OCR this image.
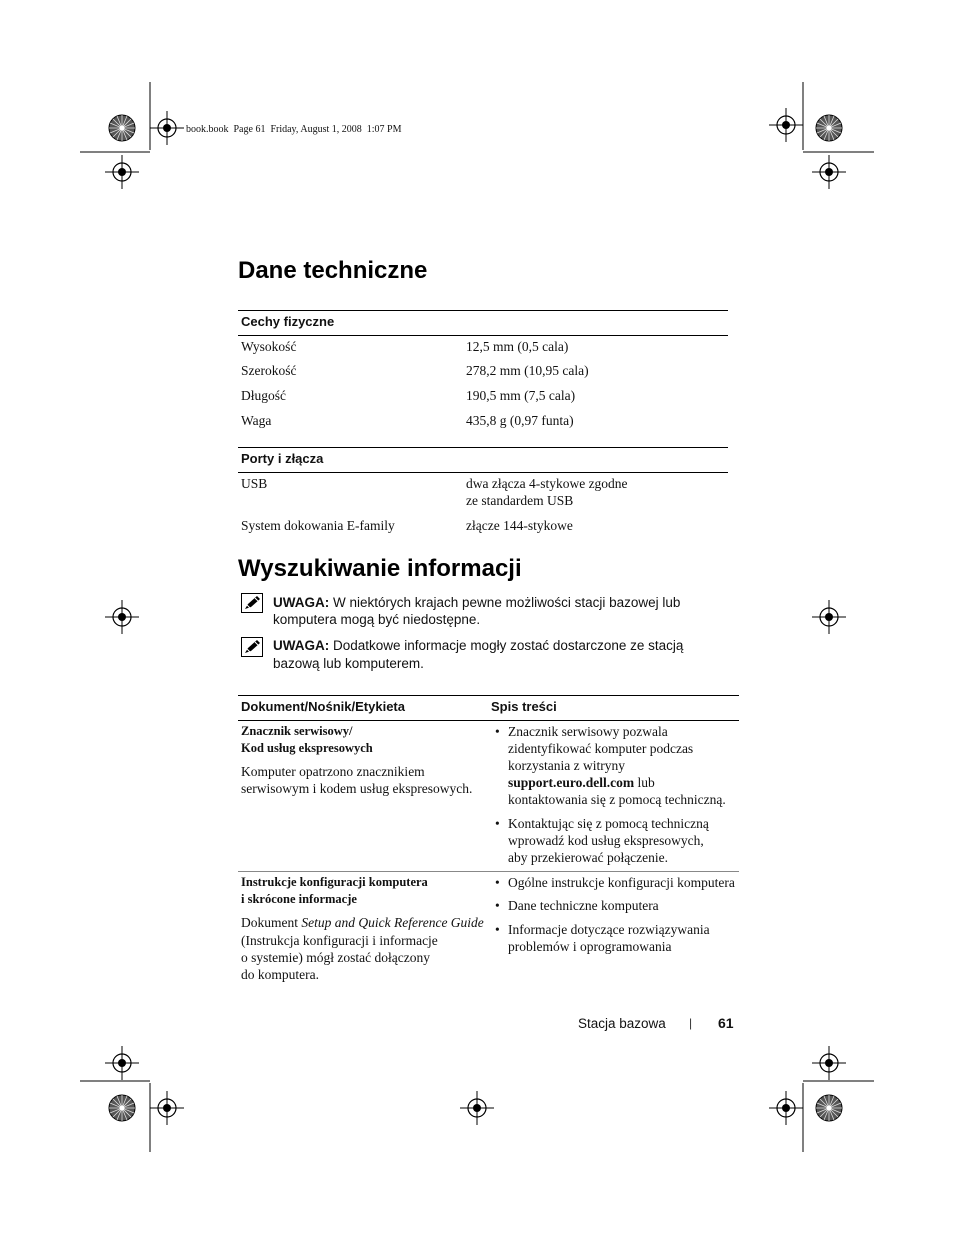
book.book  Page 61  Friday, August 1, 2008  1:07 PM
Dane techniczne
Cechy fizyczne
Wysokość	12,5 mm (0,5 cala)
Szerokość	278,2 mm (10,95 cala)
Długość	190,5 mm (7,5 cala)
Waga	435,8 g (0,97 funta)
Porty i złącza
USB	dwa złącza 4-stykowe zgodne
ze standardem USB
System dokowania E-family	złącze 144-stykowe
Wyszukiwanie informacji
UWAGA: W niektórych krajach pewne możliwości stacji bazowej lub
komputera mogą być niedostępne.
UWAGA: Dodatkowe informacje mogły zostać dostarczone ze stacją
bazową lub komputerem.
Dokument/Nośnik/Etykieta	Spis treści
Znacznik serwisowy/
Kod usług ekspresowych
Komputer opatrzono znacznikiem
serwisowym i kodem usług ekspresowych.
• Znacznik serwisowy pozwala
zidentyfikować komputer podczas
korzystania z witryny
support.euro.dell.com lub
kontaktowania się z pomocą techniczną.
• Kontaktując się z pomocą techniczną
wprowadź kod usług ekspresowych,
aby przekierować połączenie.
Instrukcje konfiguracji komputera
i skrócone informacje
Dokument Setup and Quick Reference Guide
(Instrukcja konfiguracji i informacje
o systemie) mógł zostać dołączony
do komputera.
• Ogólne instrukcje konfiguracji komputera
• Dane techniczne komputera
• Informacje dotyczące rozwiązywania
problemów i oprogramowania
Stacja bazowa | 61
